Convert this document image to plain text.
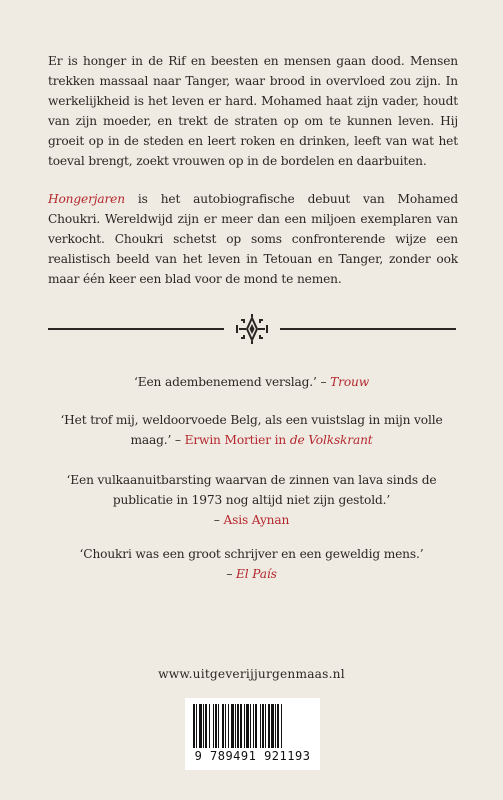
Er is honger in de Rif en beesten en mensen gaan dood. Mensen trekken massaal naar Tanger, waar brood in overvloed zou zijn. In werkelijkheid is het leven er hard. Mohamed haat zijn vader, houdt van zijn moeder, en trekt de straten op om te kunnen leven. Hij groeit op in de steden en leert roken en drinken, leeft van wat het toeval brengt, zoekt vrouwen op in de bordelen en daarbuiten.

Hongerjaren is het autobiografische debuut van Mohamed Choukri. Wereldwijd zijn er meer dan een miljoen exemplaren van verkocht. Choukri schetst op soms confronterende wijze een realistisch beeld van het leven in Tetouan en Tanger, zonder ook maar één keer een blad voor de mond te nemen.

‘Een adembenemend verslag.’ – Trouw

‘Het trof mij, weldoorvoede Belg, als een vuistslag in mijn volle
maag.’ – Erwin Mortier in de Volkskrant

‘Een vulkaanuitbarsting waarvan de zinnen van lava sinds de
publicatie in 1973 nog altijd niet zijn gestold.’
– Asis Aynan

‘Choukri was een groot schrijver en een geweldig mens.’
– El País

www.uitgeverijjurgenmaas.nl
9 789491 921193
